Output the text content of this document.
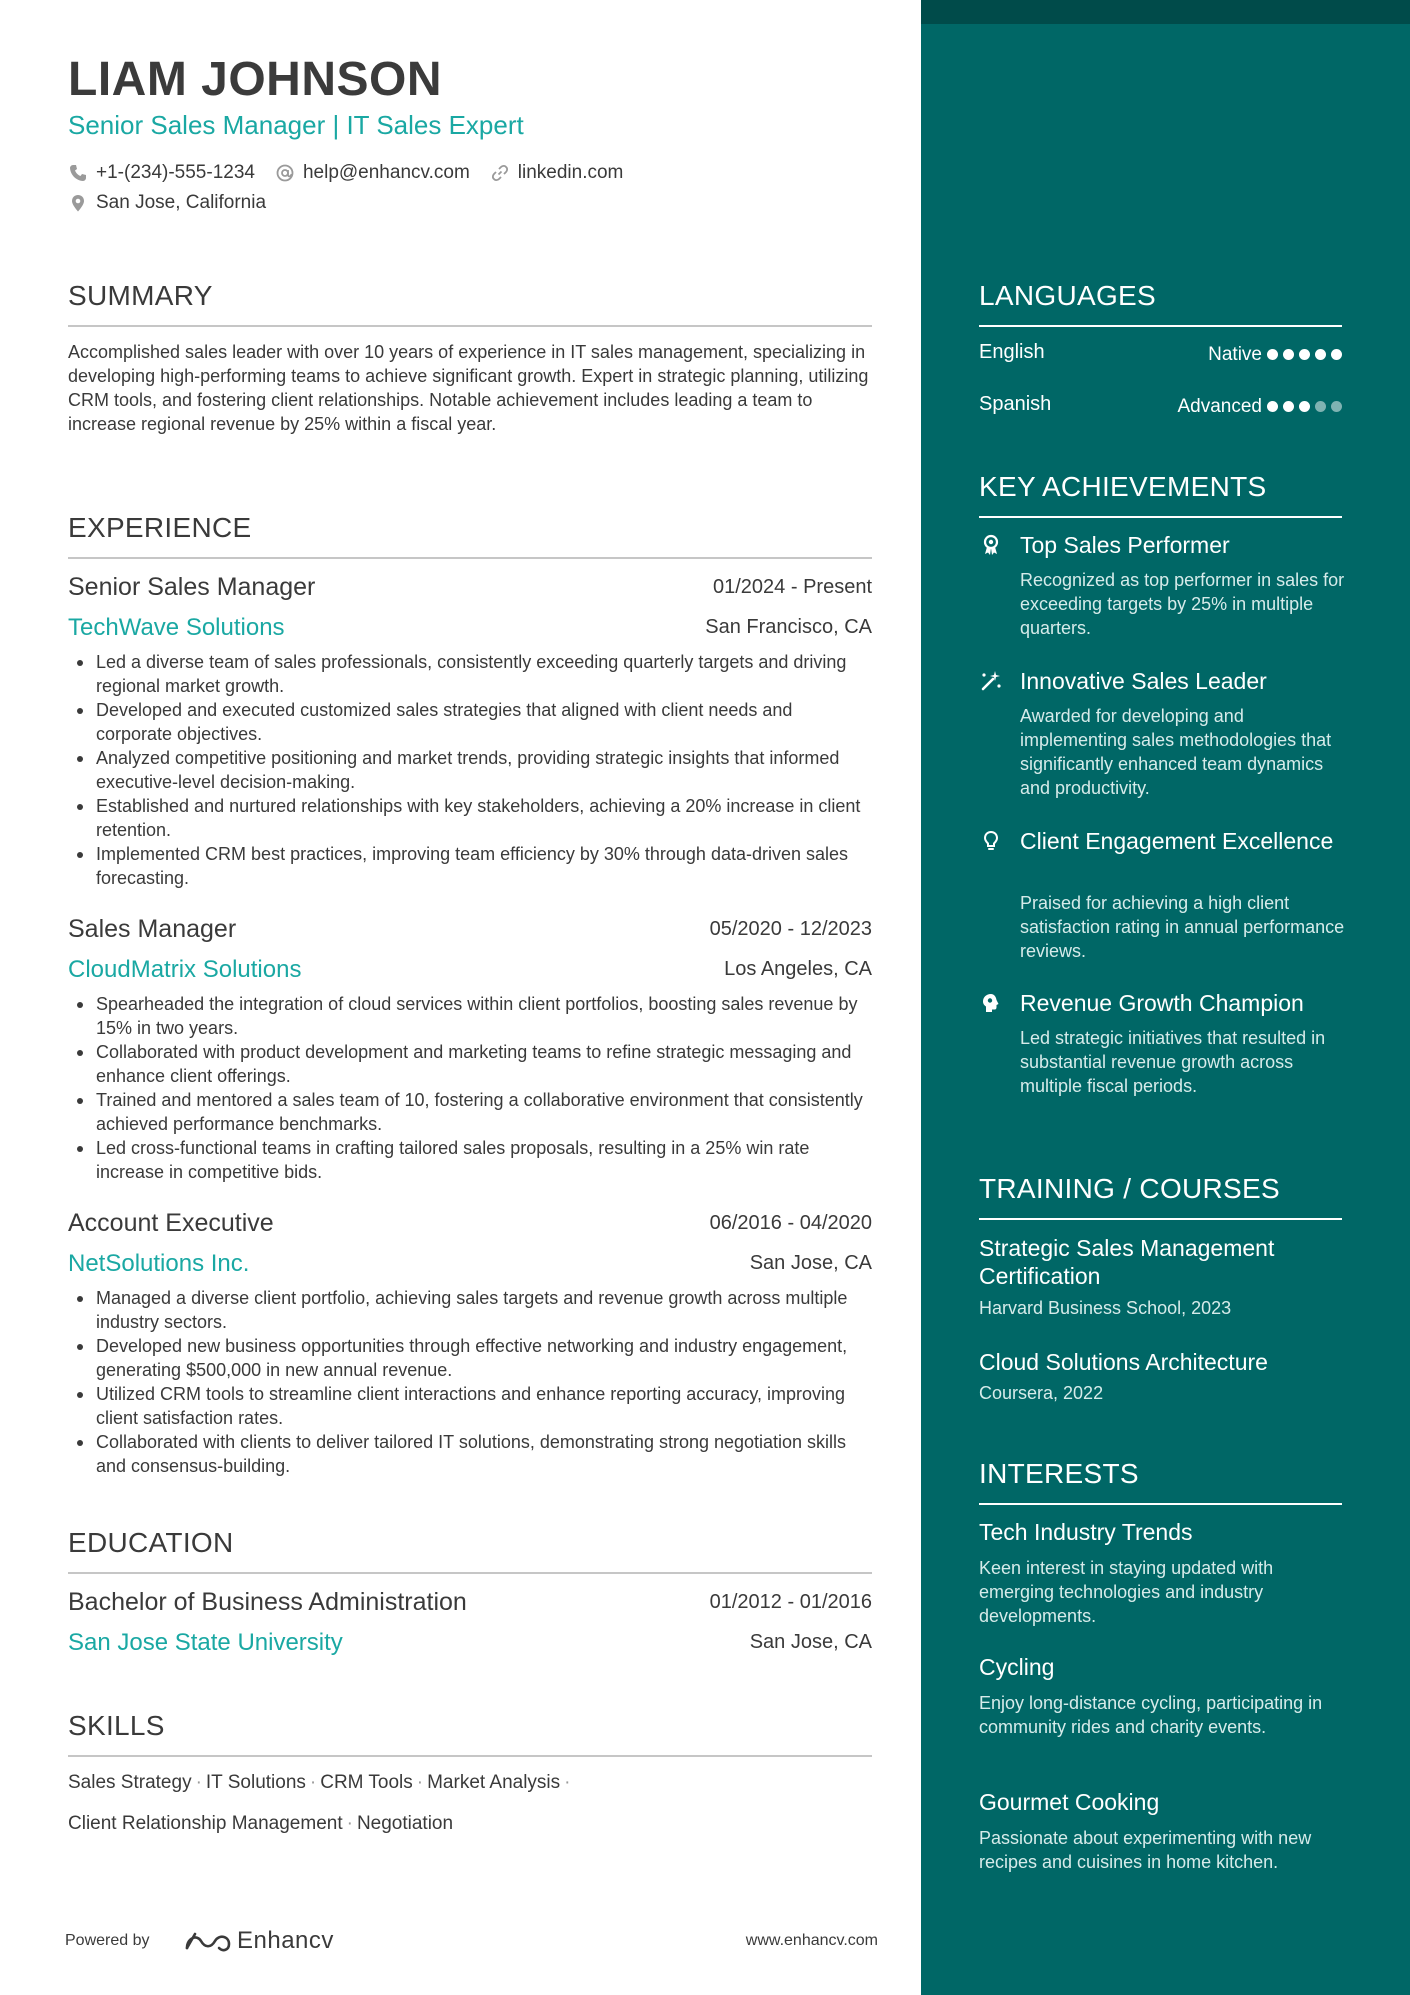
LIAM JOHNSON
Senior Sales Manager | IT Sales Expert
+1-(234)-555-1234	help@enhancv.com	linkedin.com
San Jose, California
SUMMARY
Accomplished sales leader with over 10 years of experience in IT sales management, specializing in developing high-performing teams to achieve significant growth. Expert in strategic planning, utilizing CRM tools, and fostering client relationships. Notable achievement includes leading a team to increase regional revenue by 25% within a fiscal year.
EXPERIENCE
Senior Sales Manager	01/2024 - Present
TechWave Solutions	San Francisco, CA
Led a diverse team of sales professionals, consistently exceeding quarterly targets and driving regional market growth.
Developed and executed customized sales strategies that aligned with client needs and corporate objectives.
Analyzed competitive positioning and market trends, providing strategic insights that informed executive-level decision-making.
Established and nurtured relationships with key stakeholders, achieving a 20% increase in client retention.
Implemented CRM best practices, improving team efficiency by 30% through data-driven sales forecasting.
Sales Manager	05/2020 - 12/2023
CloudMatrix Solutions	Los Angeles, CA
Spearheaded the integration of cloud services within client portfolios, boosting sales revenue by 15% in two years.
Collaborated with product development and marketing teams to refine strategic messaging and enhance client offerings.
Trained and mentored a sales team of 10, fostering a collaborative environment that consistently achieved performance benchmarks.
Led cross-functional teams in crafting tailored sales proposals, resulting in a 25% win rate increase in competitive bids.
Account Executive	06/2016 - 04/2020
NetSolutions Inc.	San Jose, CA
Managed a diverse client portfolio, achieving sales targets and revenue growth across multiple industry sectors.
Developed new business opportunities through effective networking and industry engagement, generating $500,000 in new annual revenue.
Utilized CRM tools to streamline client interactions and enhance reporting accuracy, improving client satisfaction rates.
Collaborated with clients to deliver tailored IT solutions, demonstrating strong negotiation skills and consensus-building.
EDUCATION
Bachelor of Business Administration	01/2012 - 01/2016
San Jose State University	San Jose, CA
SKILLS
Sales Strategy · IT Solutions · CRM Tools · Market Analysis ·
Client Relationship Management · Negotiation
Powered by	Enhancv	www.enhancv.com
LANGUAGES
English	Native
Spanish	Advanced
KEY ACHIEVEMENTS
Top Sales Performer
Recognized as top performer in sales for exceeding targets by 25% in multiple quarters.
Innovative Sales Leader
Awarded for developing and implementing sales methodologies that significantly enhanced team dynamics and productivity.
Client Engagement Excellence
Praised for achieving a high client satisfaction rating in annual performance reviews.
Revenue Growth Champion
Led strategic initiatives that resulted in substantial revenue growth across multiple fiscal periods.
TRAINING / COURSES
Strategic Sales Management Certification
Harvard Business School, 2023
Cloud Solutions Architecture
Coursera, 2022
INTERESTS
Tech Industry Trends
Keen interest in staying updated with emerging technologies and industry developments.
Cycling
Enjoy long-distance cycling, participating in community rides and charity events.
Gourmet Cooking
Passionate about experimenting with new recipes and cuisines in home kitchen.
